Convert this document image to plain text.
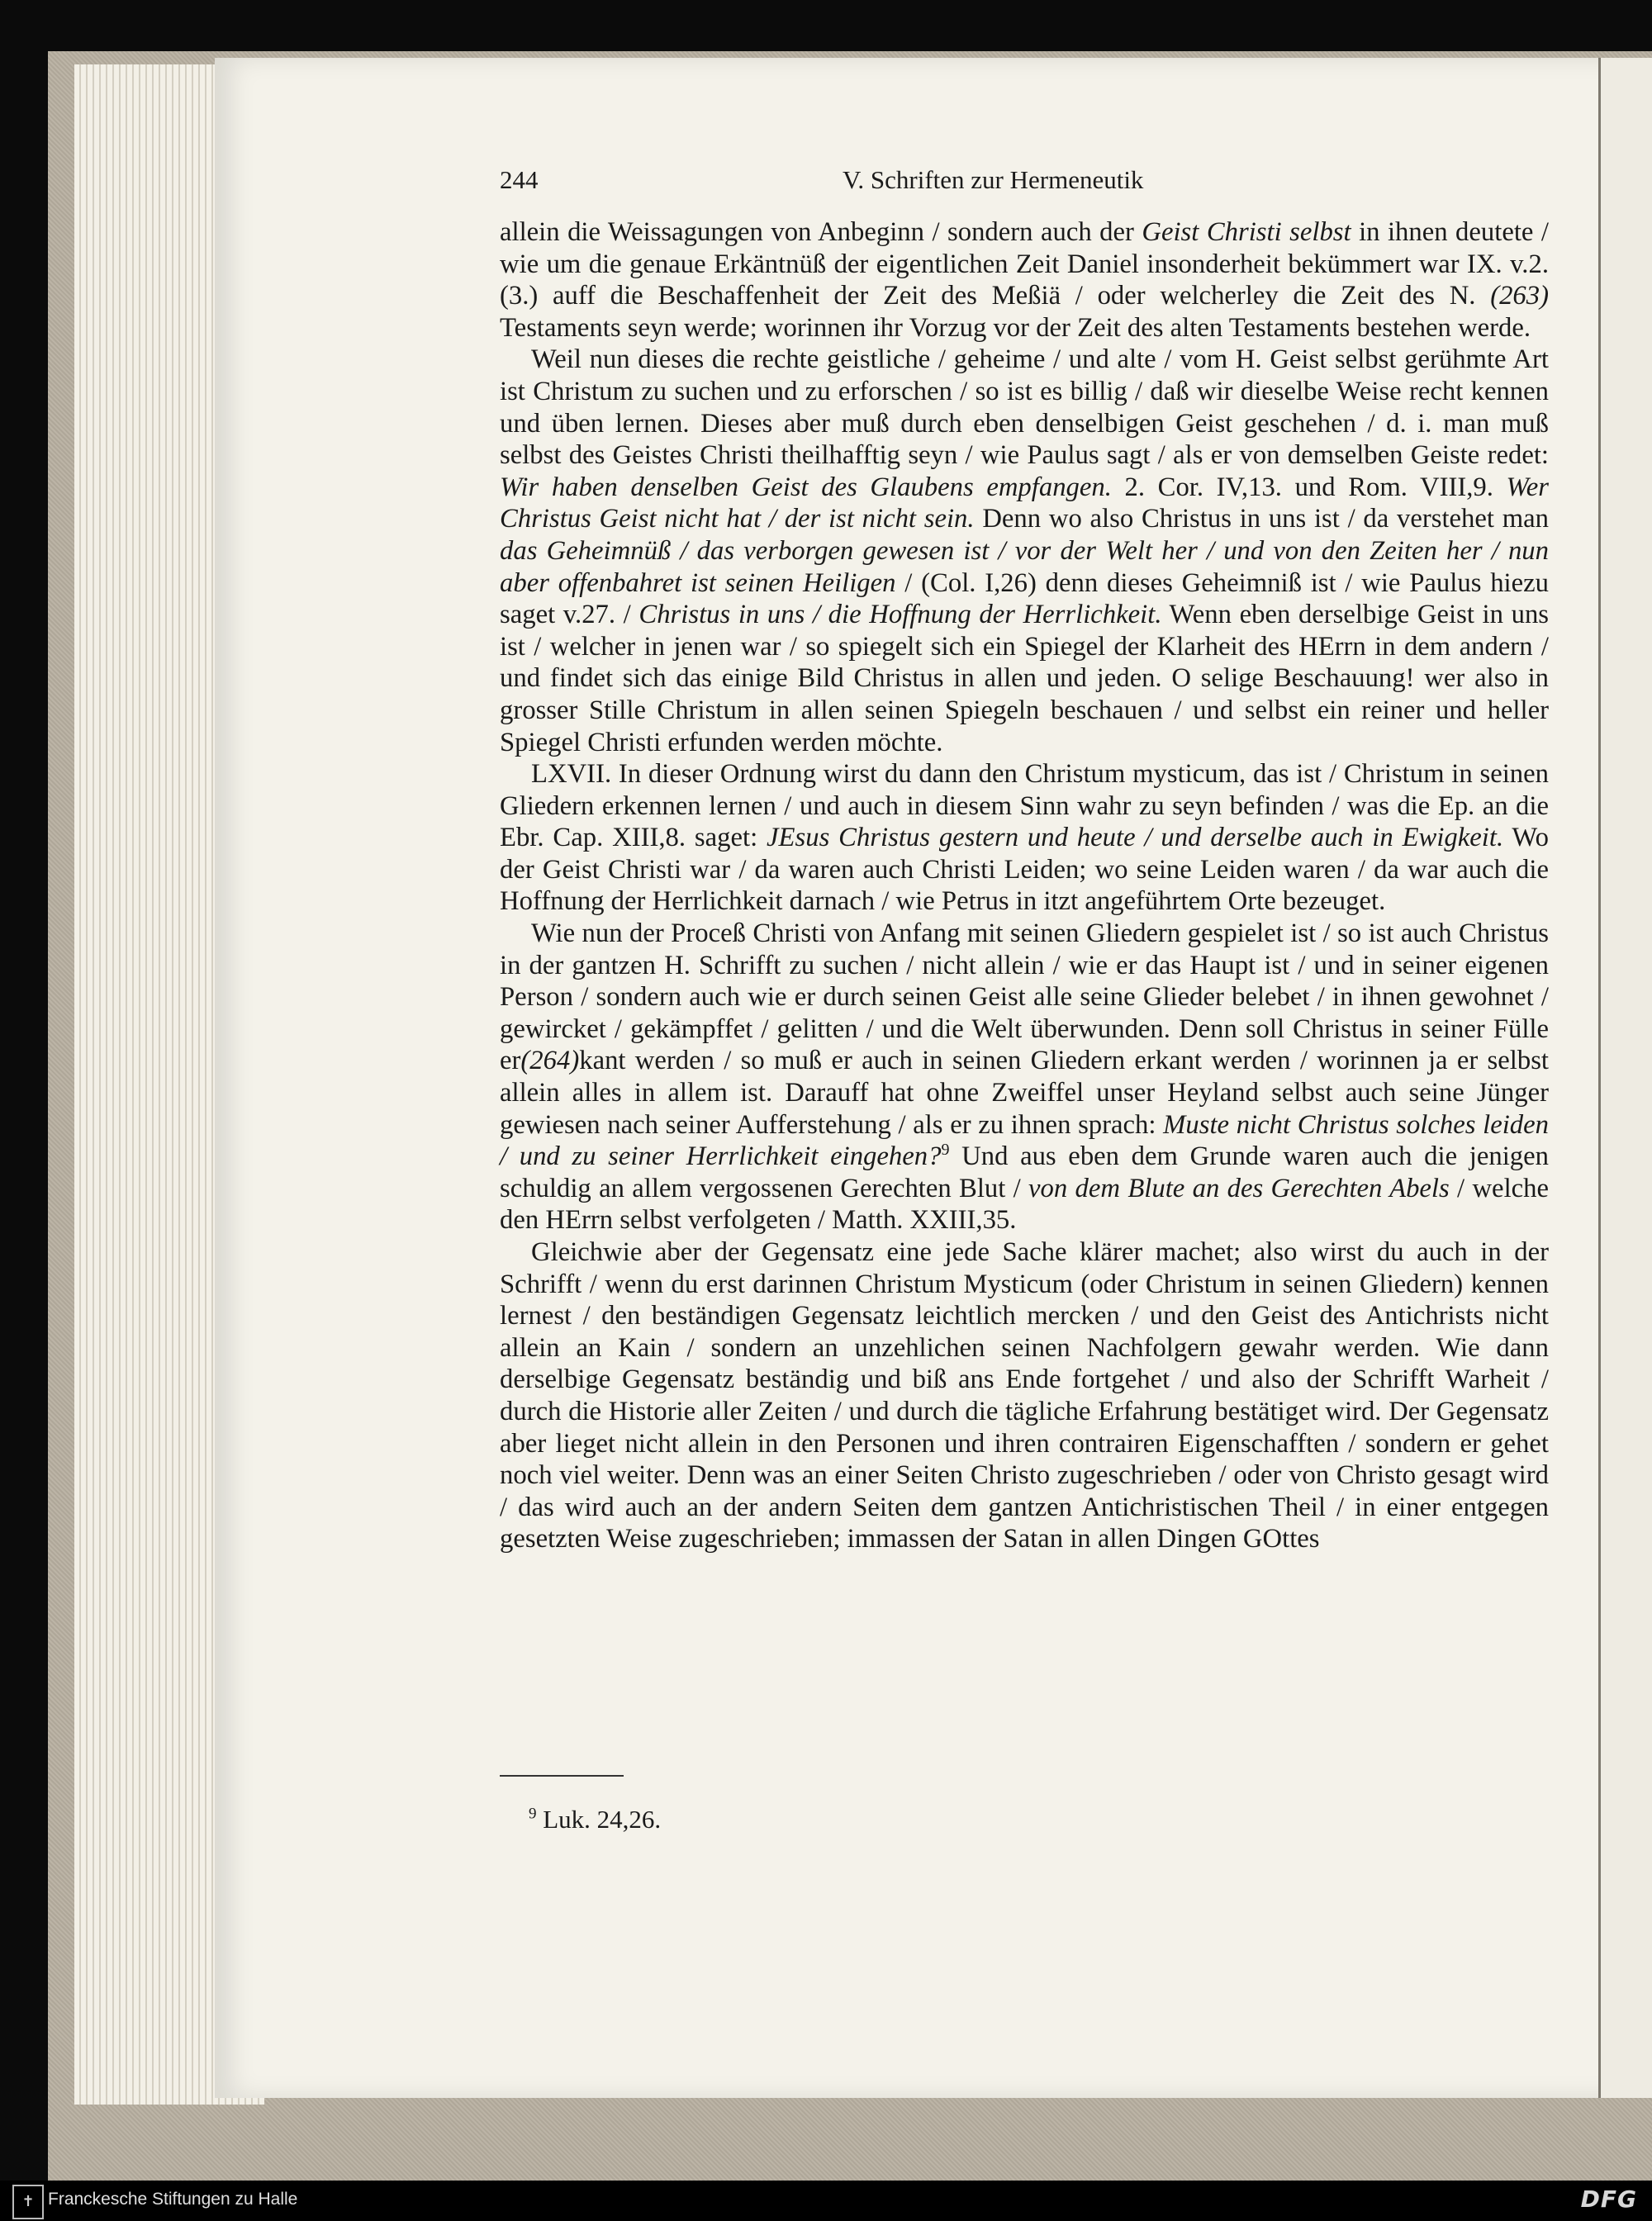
244	V. Schriften zur Hermeneutik

allein die Weissagungen von Anbeginn / sondern auch der Geist Christi selbst in ihnen deutete / wie um die genaue Erkäntnüß der eigentlichen Zeit Daniel insonderheit bekümmert war IX. v.2. (3.) auff die Beschaffenheit der Zeit des Meßiä / oder welcherley die Zeit des N. (263) Testaments seyn werde; worinnen ihr Vorzug vor der Zeit des alten Testaments bestehen werde.

Weil nun dieses die rechte geistliche / geheime / und alte / vom H. Geist selbst gerühmte Art ist Christum zu suchen und zu erforschen / so ist es billig / daß wir dieselbe Weise recht kennen und üben lernen. Dieses aber muß durch eben denselbigen Geist geschehen / d. i. man muß selbst des Geistes Christi theilhafftig seyn / wie Paulus sagt / als er von demselben Geiste redet: Wir haben denselben Geist des Glaubens empfangen. 2. Cor. IV,13. und Rom. VIII,9. Wer Christus Geist nicht hat / der ist nicht sein. Denn wo also Christus in uns ist / da verstehet man das Geheimnüß / das verborgen gewesen ist / vor der Welt her / und von den Zeiten her / nun aber offenbahret ist seinen Heiligen / (Col. I,26) denn dieses Geheimniß ist / wie Paulus hiezu saget v.27. / Christus in uns / die Hoffnung der Herrlichkeit. Wenn eben derselbige Geist in uns ist / welcher in jenen war / so spiegelt sich ein Spiegel der Klarheit des HErrn in dem andern / und findet sich das einige Bild Christus in allen und jeden. O selige Beschauung! wer also in grosser Stille Christum in allen seinen Spiegeln beschauen / und selbst ein reiner und heller Spiegel Christi erfunden werden möchte.

LXVII. In dieser Ordnung wirst du dann den Christum mysticum, das ist / Christum in seinen Gliedern erkennen lernen / und auch in diesem Sinn wahr zu seyn befinden / was die Ep. an die Ebr. Cap. XIII,8. saget: JEsus Christus gestern und heute / und derselbe auch in Ewigkeit. Wo der Geist Christi war / da waren auch Christi Leiden; wo seine Leiden waren / da war auch die Hoffnung der Herrlichkeit darnach / wie Petrus in itzt angeführtem Orte bezeuget.

Wie nun der Proceß Christi von Anfang mit seinen Gliedern gespielet ist / so ist auch Christus in der gantzen H. Schrifft zu suchen / nicht allein / wie er das Haupt ist / und in seiner eigenen Person / sondern auch wie er durch seinen Geist alle seine Glieder belebet / in ihnen gewohnet / gewircket / gekämpffet / gelitten / und die Welt überwunden. Denn soll Christus in seiner Fülle er(264)kant werden / so muß er auch in seinen Gliedern erkant werden / worinnen ja er selbst allein alles in allem ist. Darauff hat ohne Zweiffel unser Heyland selbst auch seine Jünger gewiesen nach seiner Aufferstehung / als er zu ihnen sprach: Muste nicht Christus solches leiden / und zu seiner Herrlichkeit eingehen?$^9$ Und aus eben dem Grunde waren auch die jenigen schuldig an allem vergossenen Gerechten Blut / von dem Blute an des Gerechten Abels / welche den HErrn selbst verfolgeten / Matth. XXIII,35.

Gleichwie aber der Gegensatz eine jede Sache klärer machet; also wirst du auch in der Schrifft / wenn du erst darinnen Christum Mysticum (oder Christum in seinen Gliedern) kennen lernest / den beständigen Gegensatz leichtlich mercken / und den Geist des Antichrists nicht allein an Kain / sondern an unzehlichen seinen Nachfolgern gewahr werden. Wie dann derselbige Gegensatz beständig und biß ans Ende fortgehet / und also der Schrifft Warheit / durch die Historie aller Zeiten / und durch die tägliche Erfahrung bestätiget wird. Der Gegensatz aber lieget nicht allein in den Personen und ihren contrairen Eigenschafften / sondern er gehet noch viel weiter. Denn was an einer Seiten Christo zugeschrieben / oder von Christo gesagt wird / das wird auch an der andern Seiten dem gantzen Antichristischen Theil / in einer entgegen gesetzten Weise zugeschrieben; immassen der Satan in allen Dingen GOttes

$^9$ Luk. 24,26.
✝ Franckesche Stiftungen zu Halle	DFG
